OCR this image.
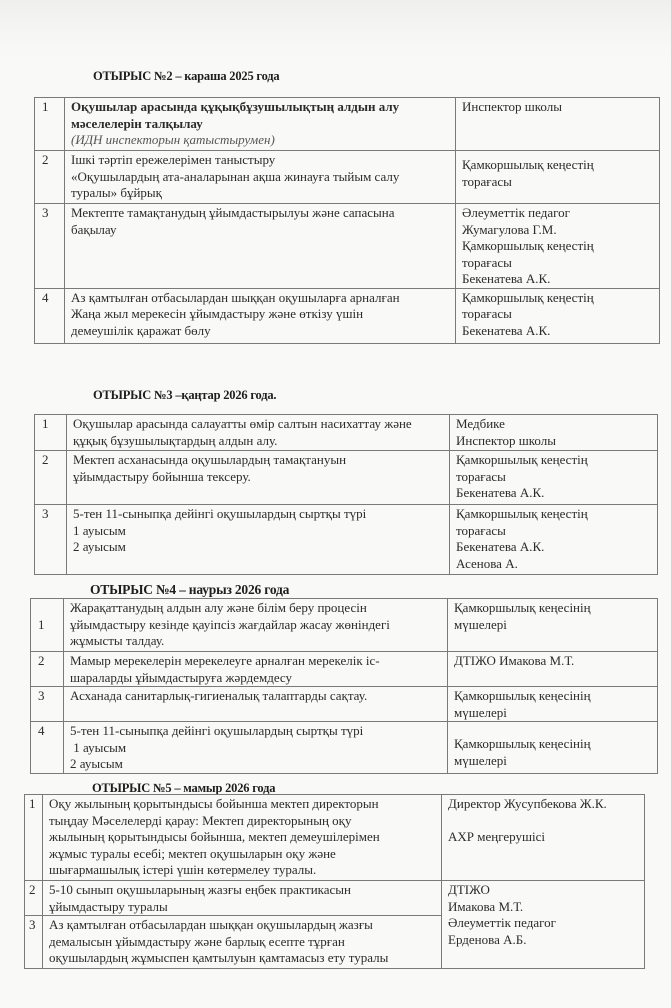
ОТЫРЫС №2 – караша 2025 года
1	Оқушылар арасында құқықбұзушылықтың алдын алу
мәселелерін талқылау
(ИДН инспекторын қатыстырумен)	Инспектор школы

2	Ішкі тәртіп ережелерімен таныстыру
«Оқушылардың ата-аналарынан ақша жинауға тыйым салу
туралы» бұйрық	Қамкоршылық кеңестің
торағасы

3	Мектепте тамақтанудың ұйымдастырылуы және сапасына
бақылау	Әлеуметтік педагог
Жумагулова Г.М.
Қамкоршылық кеңестің
торағасы
Бекенатева А.К.

4	Аз қамтылған отбасылардан шыққан оқушыларға арналған
Жаңа жыл мерекесін ұйымдастыру және өткізу үшін
демеушілік қаражат бөлу	Қамкоршылық кеңестің
торағасы
Бекенатева А.К.
ОТЫРЫС №3 –қаңтар 2026 года.
1	Оқушылар арасында салауатты өмір салтын насихаттау және
құқық бұзушылықтардың алдын алу.	Медбике
Инспектор школы

2	Мектеп асханасында оқушылардың тамақтануын
ұйымдастыру бойынша тексеру.	Қамкоршылық кеңестің
торағасы
Бекенатева А.К.

3	5-тен 11-сыныпқа дейінгі оқушылардың сыртқы түрі
1 ауысым
2 ауысым	Қамкоршылық кеңестің
торағасы
Бекенатева А.К.
Асенова А.
ОТЫРЫС №4 – наурыз 2026 года
1	Жарақаттанудың алдын алу және білім беру процесін
ұйымдастыру кезінде қауіпсіз жағдайлар жасау жөніндегі
жұмысты талдау.	Қамкоршылық кеңесінің
мүшелері

2	Мамыр мерекелерін мерекелеуге арналған мерекелік іс-
шараларды ұйымдастыруға жәрдемдесу	ДТІЖО Имакова М.Т.

3	Асханада санитарлық-гигиеналық талаптарды сақтау.	Қамкоршылық кеңесінің
мүшелері

4	5-тен 11-сыныпқа дейінгі оқушылардың сыртқы түрі
1 ауысым
2 ауысым	Қамкоршылық кеңесінің
мүшелері
ОТЫРЫС №5 – мамыр 2026 года
1	Оқу жылының қорытындысы бойынша мектеп директорын
тыңдау Мәселелерді қарау: Мектеп директорының оқу
жылының қорытындысы бойынша, мектеп демеушілерімен
жұмыс туралы есебі; мектеп оқушыларын оқу және
шығармашылық істері үшін көтермелеу туралы.	Директор Жусупбекова Ж.К.
АХР меңгерушісі

2	5-10 сынып оқушыларының жазғы еңбек практикасын
ұйымдастыру туралы	ДТІЖО
Имакова М.Т.
Әлеуметтік педагог
Ерденова А.Б.

3	Аз қамтылған отбасылардан шыққан оқушылардың жазғы
демалысын ұйымдастыру және барлық есепте тұрған
оқушылардың жұмыспен қамтылуын қамтамасыз ету туралы	
